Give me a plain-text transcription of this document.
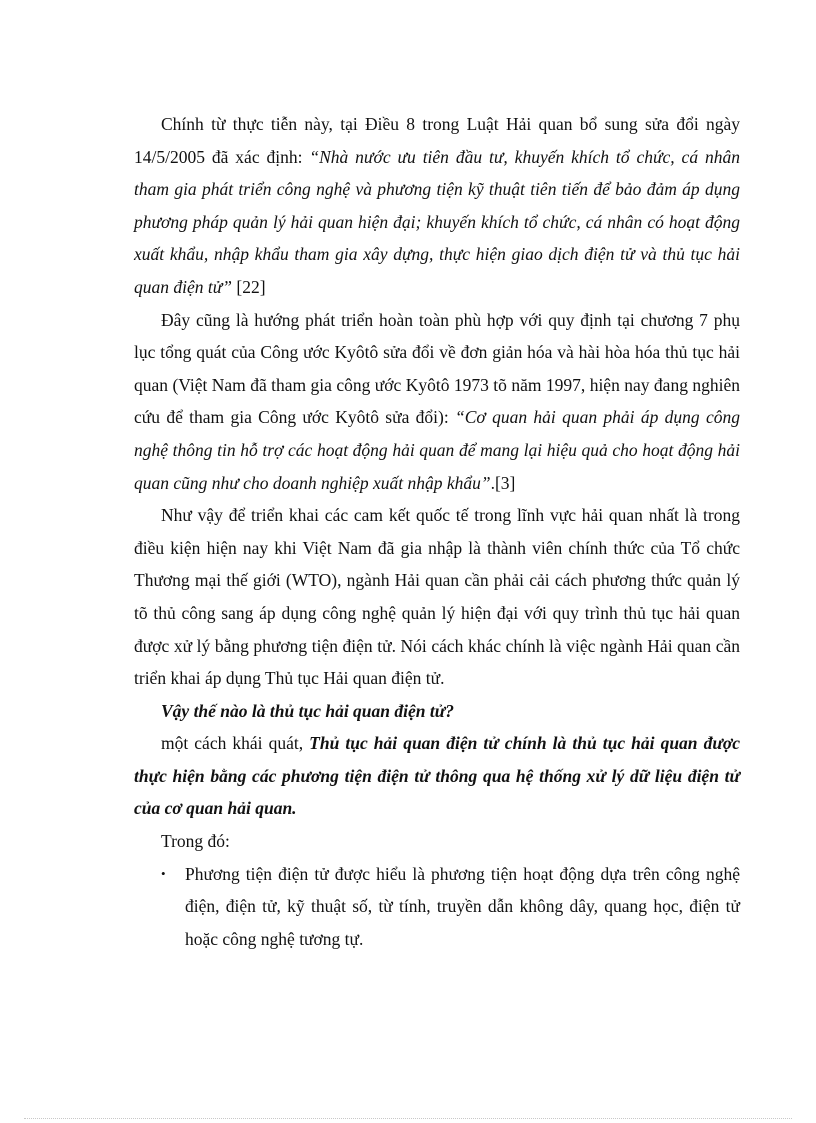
Chính từ thực tiễn này, tại Điều 8 trong Luật Hải quan bổ sung sửa đổi ngày 14/5/2005 đã xác định: “Nhà nước ưu tiên đầu tư, khuyến khích tổ chức, cá nhân tham gia phát triển công nghệ và phương tiện kỹ thuật tiên tiến để bảo đảm áp dụng phương pháp quản lý hải quan hiện đại; khuyến khích tổ chức, cá nhân có hoạt động xuất khẩu, nhập khẩu tham gia xây dựng, thực hiện giao dịch điện tử và thủ tục hải quan điện tử” [22]

Đây cũng là hướng phát triển hoàn toàn phù hợp với quy định tại chương 7 phụ lục tổng quát của Công ước Kyôtô sửa đổi về đơn giản hóa và hài hòa hóa thủ tục hải quan (Việt Nam đã tham gia công ước Kyôtô 1973 tõ năm 1997, hiện nay đang nghiên cứu để tham gia Công ước Kyôtô sửa đổi): “Cơ quan hải quan phải áp dụng công nghệ thông tin hỗ trợ các hoạt động hải quan để mang lại hiệu quả cho hoạt động hải quan cũng như cho doanh nghiệp xuất nhập khẩu”.[3]

Như vậy để triển khai các cam kết quốc tế trong lĩnh vực hải quan nhất là trong điều kiện hiện nay khi Việt Nam đã gia nhập là thành viên chính thức của Tổ chức Thương mại thế giới (WTO), ngành Hải quan cần phải cải cách phương thức quản lý tõ thủ công sang áp dụng công nghệ quản lý hiện đại với quy trình thủ tục hải quan được xử lý bằng phương tiện điện tử. Nói cách khác chính là việc ngành Hải quan cần triển khai áp dụng Thủ tục Hải quan điện tử.

Vậy thế nào là thủ tục hải quan điện tử?

một cách khái quát, Thủ tục hải quan điện tử chính là thủ tục hải quan được thực hiện bằng các phương tiện điện tử thông qua hệ thống xử lý dữ liệu điện tử của cơ quan hải quan.

Trong đó:

•	Phương tiện điện tử được hiểu là phương tiện hoạt động dựa trên công nghệ điện, điện tử, kỹ thuật số, từ tính, truyền dẫn không dây, quang học, điện tử hoặc công nghệ tương tự.
